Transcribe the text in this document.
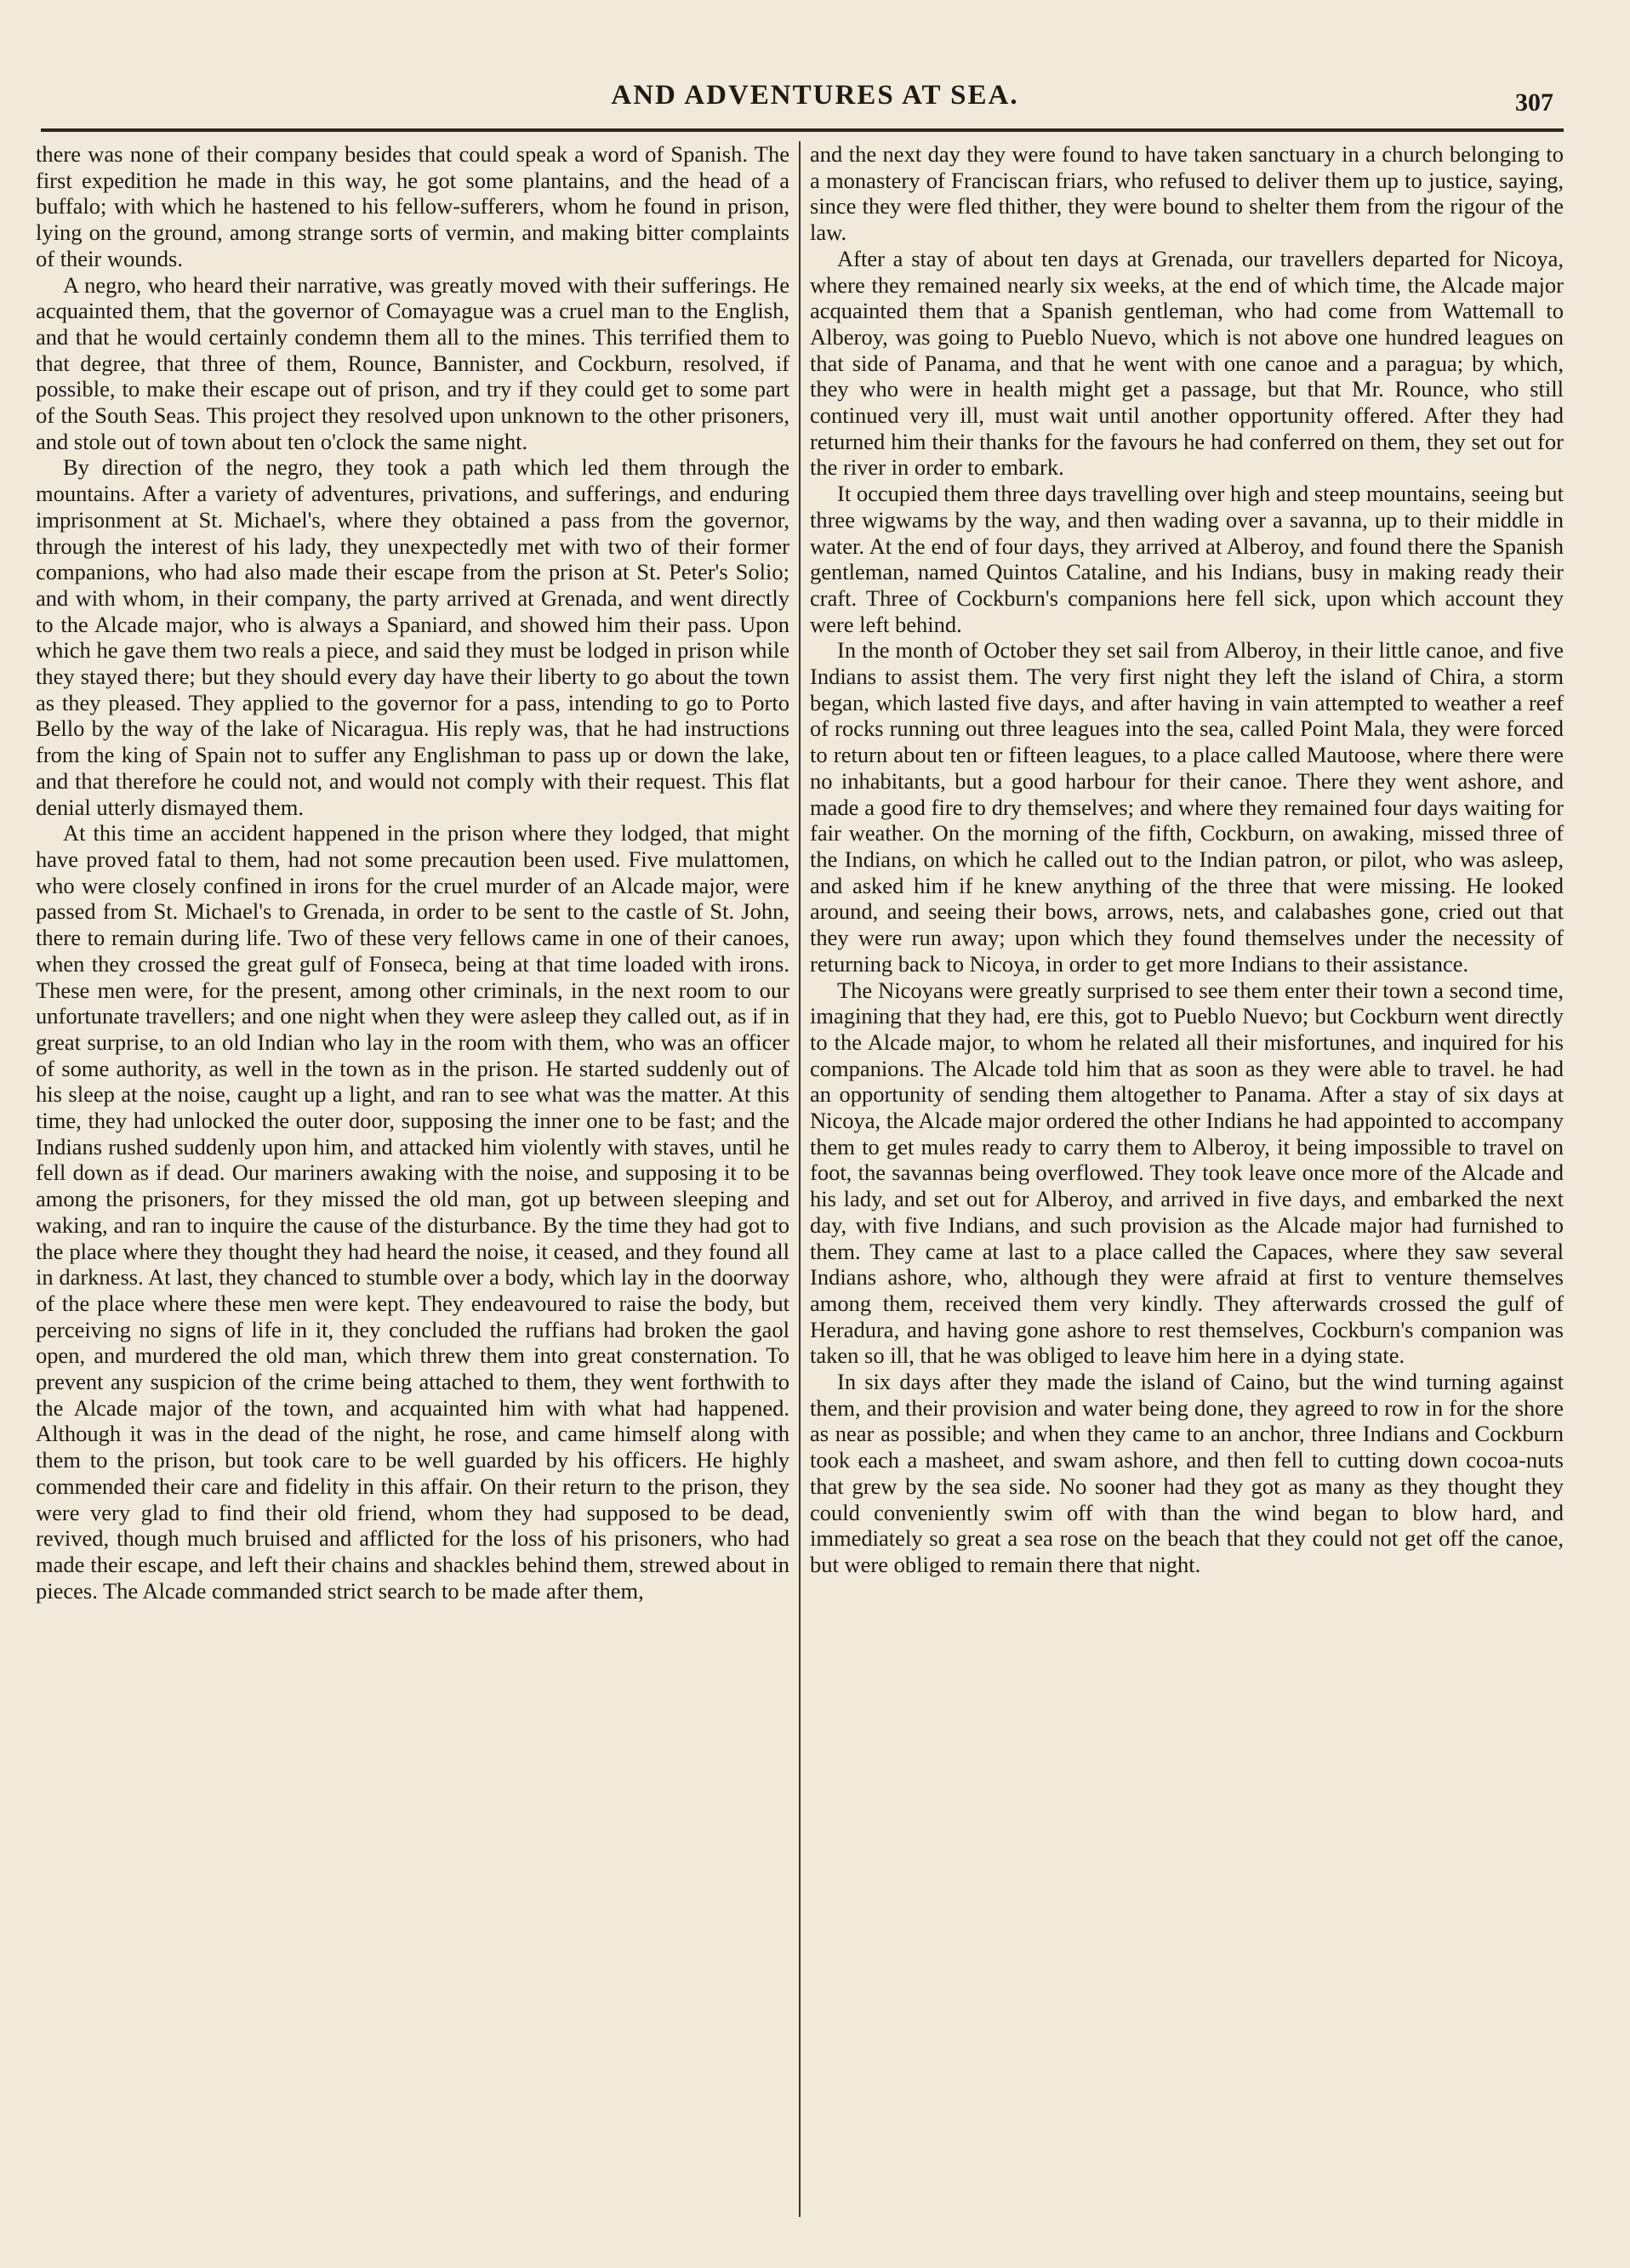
AND ADVENTURES AT SEA.	307

there was none of their company besides that could speak a word of Spanish. The first expedition he made in this way, he got some plantains, and the head of a buffalo; with which he hastened to his fellow-sufferers, whom he found in prison, lying on the ground, among strange sorts of vermin, and making bitter complaints of their wounds.

A negro, who heard their narrative, was greatly moved with their sufferings. He acquainted them, that the governor of Comayague was a cruel man to the English, and that he would certainly condemn them all to the mines. This terrified them to that degree, that three of them, Rounce, Bannister, and Cockburn, resolved, if possible, to make their escape out of prison, and try if they could get to some part of the South Seas. This project they resolved upon unknown to the other prisoners, and stole out of town about ten o'clock the same night.

By direction of the negro, they took a path which led them through the mountains. After a variety of adventures, privations, and sufferings, and enduring imprisonment at St. Michael's, where they obtained a pass from the governor, through the interest of his lady, they unexpectedly met with two of their former companions, who had also made their escape from the prison at St. Peter's Solio; and with whom, in their company, the party arrived at Grenada, and went directly to the Alcade major, who is always a Spaniard, and showed him their pass. Upon which he gave them two reals a piece, and said they must be lodged in prison while they stayed there; but they should every day have their liberty to go about the town as they pleased. They applied to the governor for a pass, intending to go to Porto Bello by the way of the lake of Nicaragua. His reply was, that he had instructions from the king of Spain not to suffer any Englishman to pass up or down the lake, and that therefore he could not, and would not comply with their request. This flat denial utterly dismayed them.

At this time an accident happened in the prison where they lodged, that might have proved fatal to them, had not some precaution been used. Five mulattomen, who were closely confined in irons for the cruel murder of an Alcade major, were passed from St. Michael's to Grenada, in order to be sent to the castle of St. John, there to remain during life. Two of these very fellows came in one of their canoes, when they crossed the great gulf of Fonseca, being at that time loaded with irons. These men were, for the present, among other criminals, in the next room to our unfortunate travellers; and one night when they were asleep they called out, as if in great surprise, to an old Indian who lay in the room with them, who was an officer of some authority, as well in the town as in the prison. He started suddenly out of his sleep at the noise, caught up a light, and ran to see what was the matter. At this time, they had unlocked the outer door, supposing the inner one to be fast; and the Indians rushed suddenly upon him, and attacked him violently with staves, until he fell down as if dead. Our mariners awaking with the noise, and supposing it to be among the prisoners, for they missed the old man, got up between sleeping and waking, and ran to inquire the cause of the disturbance. By the time they had got to the place where they thought they had heard the noise, it ceased, and they found all in darkness. At last, they chanced to stumble over a body, which lay in the doorway of the place where these men were kept. They endeavoured to raise the body, but perceiving no signs of life in it, they concluded the ruffians had broken the gaol open, and murdered the old man, which threw them into great consternation. To prevent any suspicion of the crime being attached to them, they went forthwith to the Alcade major of the town, and acquainted him with what had happened. Although it was in the dead of the night, he rose, and came himself along with them to the prison, but took care to be well guarded by his officers. He highly commended their care and fidelity in this affair. On their return to the prison, they were very glad to find their old friend, whom they had supposed to be dead, revived, though much bruised and afflicted for the loss of his prisoners, who had made their escape, and left their chains and shackles behind them, strewed about in pieces. The Alcade commanded strict search to be made after them,

and the next day they were found to have taken sanctuary in a church belonging to a monastery of Franciscan friars, who refused to deliver them up to justice, saying, since they were fled thither, they were bound to shelter them from the rigour of the law.

After a stay of about ten days at Grenada, our travellers departed for Nicoya, where they remained nearly six weeks, at the end of which time, the Alcade major acquainted them that a Spanish gentleman, who had come from Wattemall to Alberoy, was going to Pueblo Nuevo, which is not above one hundred leagues on that side of Panama, and that he went with one canoe and a paragua; by which, they who were in health might get a passage, but that Mr. Rounce, who still continued very ill, must wait until another opportunity offered. After they had returned him their thanks for the favours he had conferred on them, they set out for the river in order to embark.

It occupied them three days travelling over high and steep mountains, seeing but three wigwams by the way, and then wading over a savanna, up to their middle in water. At the end of four days, they arrived at Alberoy, and found there the Spanish gentleman, named Quintos Cataline, and his Indians, busy in making ready their craft. Three of Cockburn's companions here fell sick, upon which account they were left behind.

In the month of October they set sail from Alberoy, in their little canoe, and five Indians to assist them. The very first night they left the island of Chira, a storm began, which lasted five days, and after having in vain attempted to weather a reef of rocks running out three leagues into the sea, called Point Mala, they were forced to return about ten or fifteen leagues, to a place called Mautoose, where there were no inhabitants, but a good harbour for their canoe. There they went ashore, and made a good fire to dry themselves; and where they remained four days waiting for fair weather. On the morning of the fifth, Cockburn, on awaking, missed three of the Indians, on which he called out to the Indian patron, or pilot, who was asleep, and asked him if he knew anything of the three that were missing. He looked around, and seeing their bows, arrows, nets, and calabashes gone, cried out that they were run away; upon which they found themselves under the necessity of returning back to Nicoya, in order to get more Indians to their assistance.

The Nicoyans were greatly surprised to see them enter their town a second time, imagining that they had, ere this, got to Pueblo Nuevo; but Cockburn went directly to the Alcade major, to whom he related all their misfortunes, and inquired for his companions. The Alcade told him that as soon as they were able to travel. he had an opportunity of sending them altogether to Panama. After a stay of six days at Nicoya, the Alcade major ordered the other Indians he had appointed to accompany them to get mules ready to carry them to Alberoy, it being impossible to travel on foot, the savannas being overflowed. They took leave once more of the Alcade and his lady, and set out for Alberoy, and arrived in five days, and embarked the next day, with five Indians, and such provision as the Alcade major had furnished to them. They came at last to a place called the Capaces, where they saw several Indians ashore, who, although they were afraid at first to venture themselves among them, received them very kindly. They afterwards crossed the gulf of Heradura, and having gone ashore to rest themselves, Cockburn's companion was taken so ill, that he was obliged to leave him here in a dying state.

In six days after they made the island of Caino, but the wind turning against them, and their provision and water being done, they agreed to row in for the shore as near as possible; and when they came to an anchor, three Indians and Cockburn took each a masheet, and swam ashore, and then fell to cutting down cocoa-nuts that grew by the sea side. No sooner had they got as many as they thought they could conveniently swim off with than the wind began to blow hard, and immediately so great a sea rose on the beach that they could not get off the canoe, but were obliged to remain there that night.
